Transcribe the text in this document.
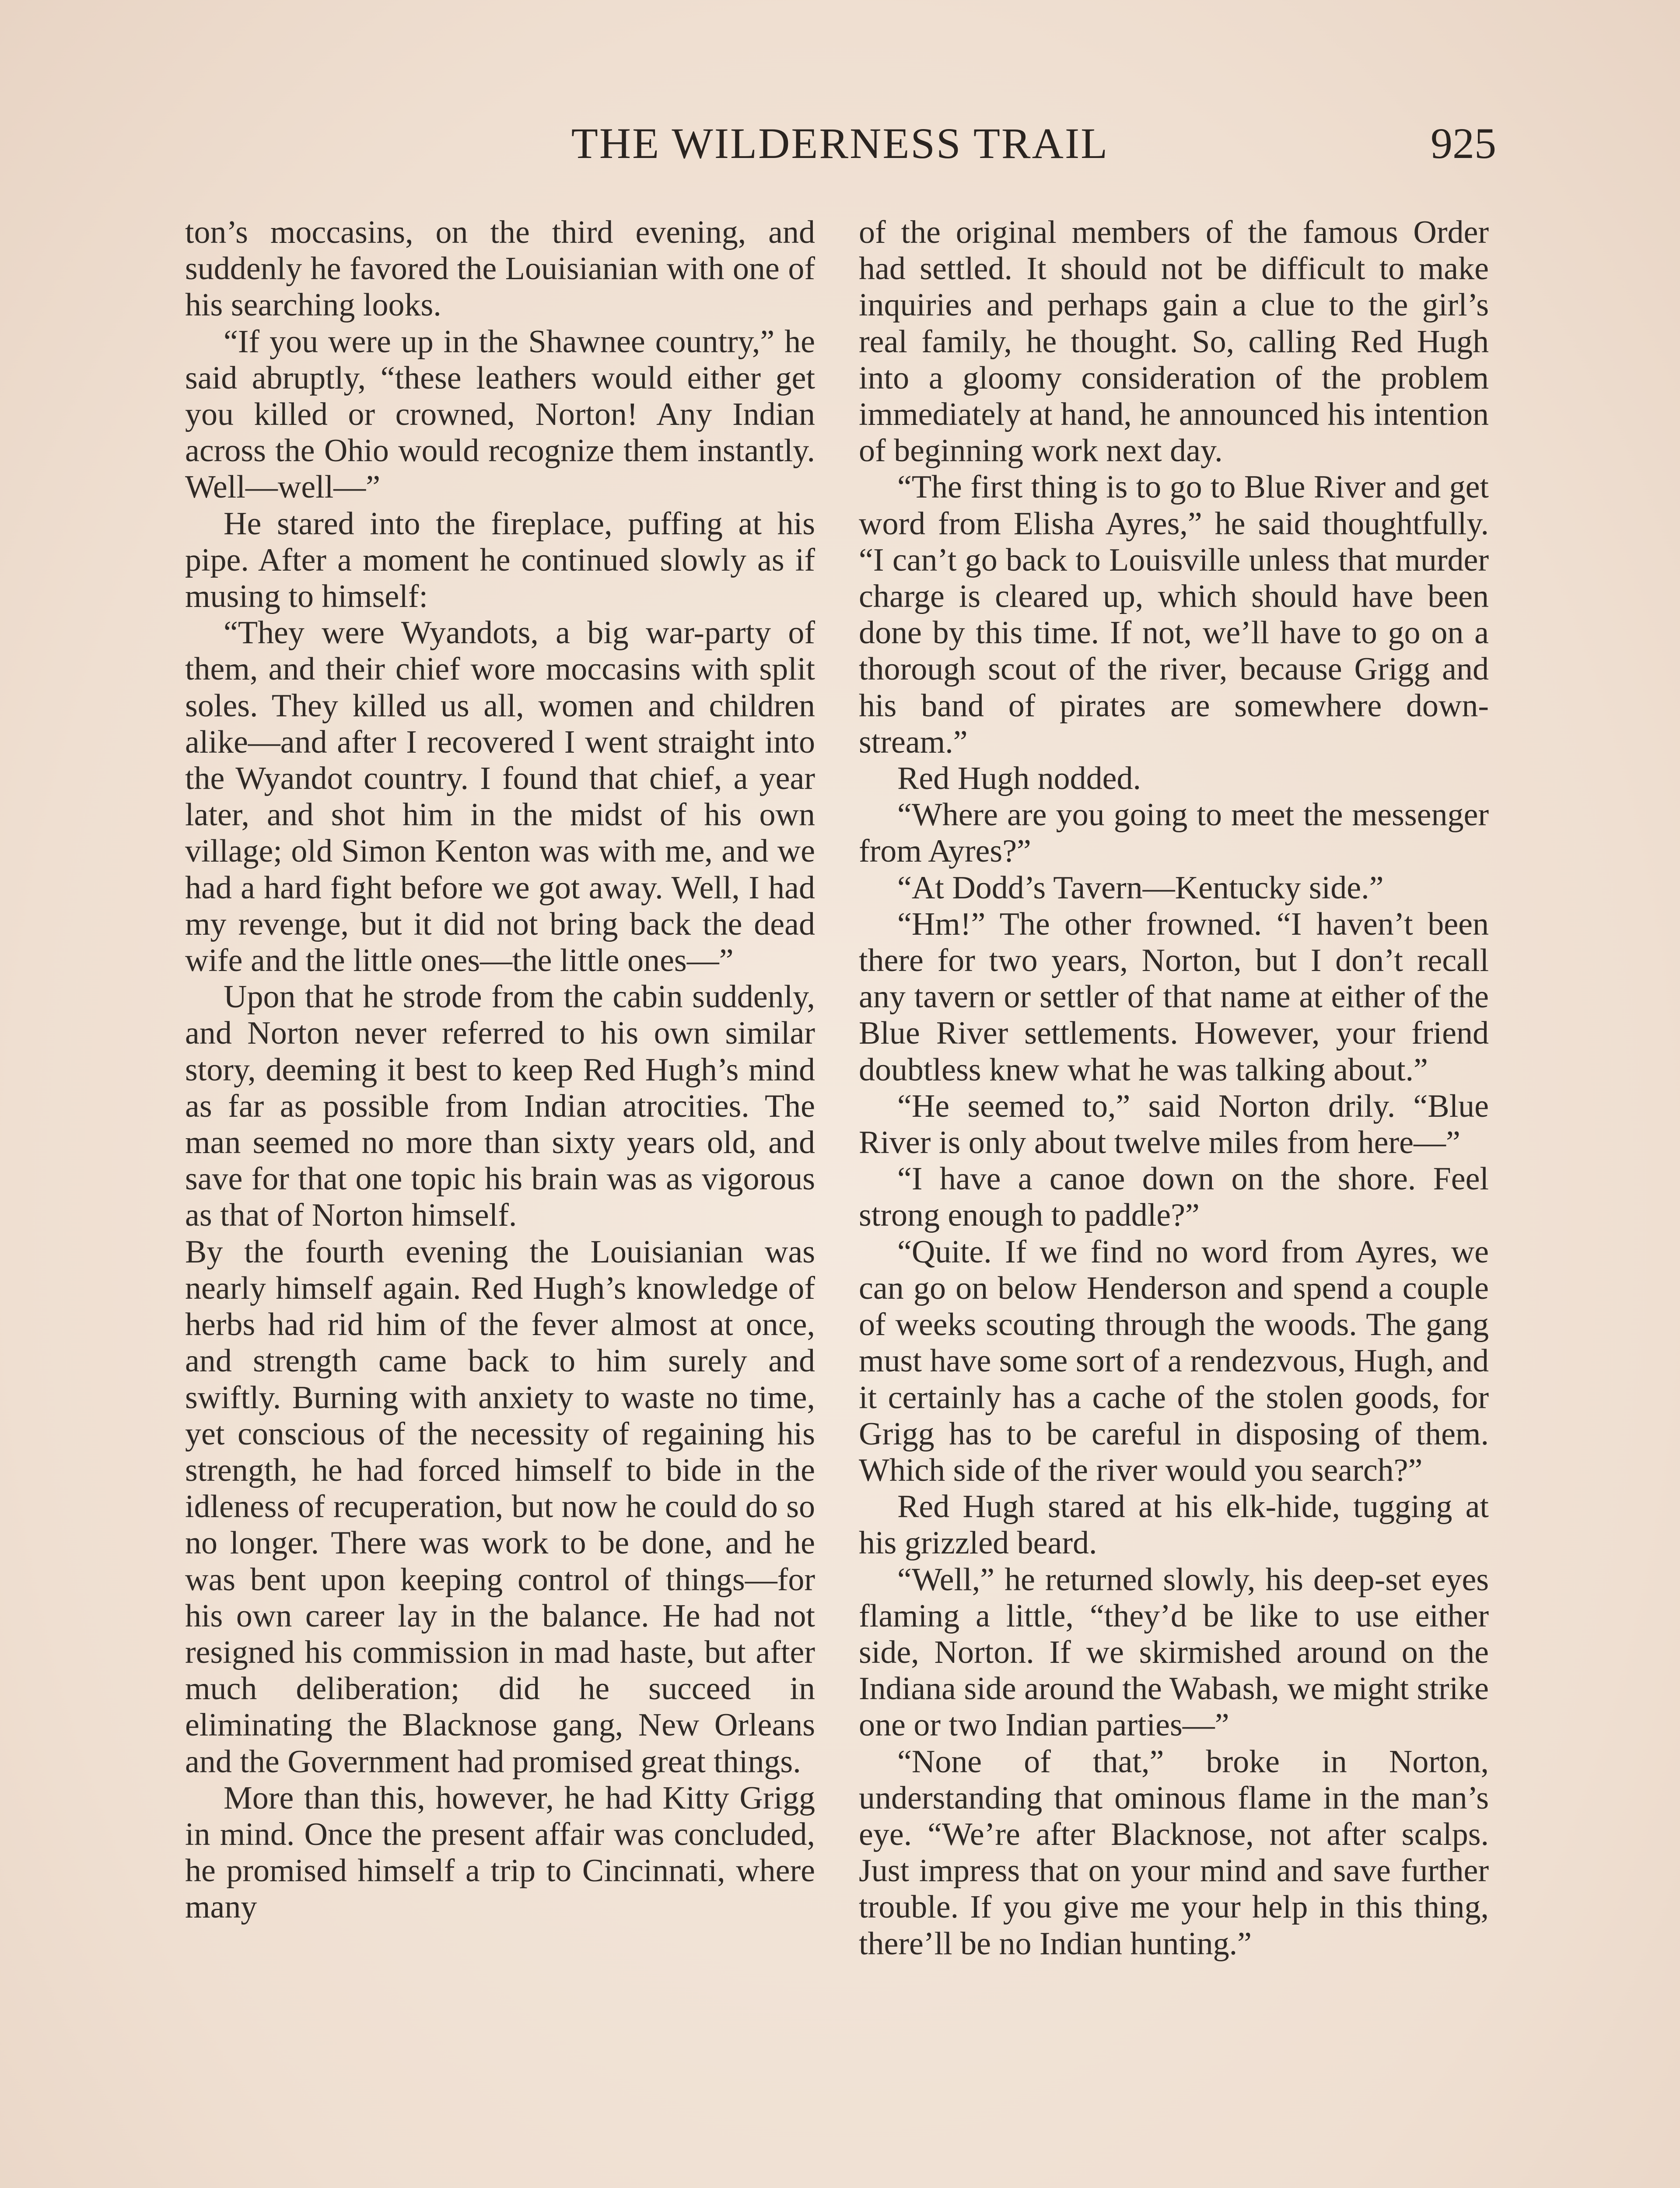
THE WILDERNESS TRAIL	925

ton’s moccasins, on the third evening, and suddenly he favored the Louisianian with one of his searching looks.

“If you were up in the Shawnee country,” he said abruptly, “these leathers would either get you killed or crowned, Norton! Any Indian across the Ohio would recognize them instantly. Well—well—”

He stared into the fireplace, puffing at his pipe. After a moment he continued slowly as if musing to himself:

“They were Wyandots, a big war-party of them, and their chief wore moccasins with split soles. They killed us all, women and children alike—and after I recovered I went straight into the Wyandot country. I found that chief, a year later, and shot him in the midst of his own village; old Simon Kenton was with me, and we had a hard fight before we got away. Well, I had my revenge, but it did not bring back the dead wife and the little ones—the little ones—”

Upon that he strode from the cabin suddenly, and Norton never referred to his own similar story, deeming it best to keep Red Hugh’s mind as far as possible from Indian atrocities. The man seemed no more than sixty years old, and save for that one topic his brain was as vigorous as that of Norton himself.

By the fourth evening the Louisianian was nearly himself again. Red Hugh’s knowledge of herbs had rid him of the fever almost at once, and strength came back to him surely and swiftly. Burning with anxiety to waste no time, yet conscious of the necessity of regaining his strength, he had forced himself to bide in the idleness of recuperation, but now he could do so no longer. There was work to be done, and he was bent upon keeping control of things—for his own career lay in the balance. He had not resigned his commission in mad haste, but after much deliberation; did he succeed in eliminating the Blacknose gang, New Orleans and the Government had promised great things.

More than this, however, he had Kitty Grigg in mind. Once the present affair was concluded, he promised himself a trip to Cincinnati, where many

of the original members of the famous Order had settled. It should not be difficult to make inquiries and perhaps gain a clue to the girl’s real family, he thought. So, calling Red Hugh into a gloomy consideration of the problem immediately at hand, he announced his intention of beginning work next day.

“The first thing is to go to Blue River and get word from Elisha Ayres,” he said thoughtfully. “I can’t go back to Louisville unless that murder charge is cleared up, which should have been done by this time. If not, we’ll have to go on a thorough scout of the river, because Grigg and his band of pirates are somewhere down-stream.”

Red Hugh nodded.

“Where are you going to meet the messenger from Ayres?”

“At Dodd’s Tavern—Kentucky side.”

“Hm!” The other frowned. “I haven’t been there for two years, Norton, but I don’t recall any tavern or settler of that name at either of the Blue River settlements. However, your friend doubtless knew what he was talking about.”

“He seemed to,” said Norton drily. “Blue River is only about twelve miles from here—”

“I have a canoe down on the shore. Feel strong enough to paddle?”

“Quite. If we find no word from Ayres, we can go on below Henderson and spend a couple of weeks scouting through the woods. The gang must have some sort of a rendezvous, Hugh, and it certainly has a cache of the stolen goods, for Grigg has to be careful in disposing of them. Which side of the river would you search?”

Red Hugh stared at his elk-hide, tugging at his grizzled beard.

“Well,” he returned slowly, his deep-set eyes flaming a little, “they’d be like to use either side, Norton. If we skirmished around on the Indiana side around the Wabash, we might strike one or two Indian parties—”

“None of that,” broke in Norton, understanding that ominous flame in the man’s eye. “We’re after Blacknose, not after scalps. Just impress that on your mind and save further trouble. If you give me your help in this thing, there’ll be no Indian hunting.”
